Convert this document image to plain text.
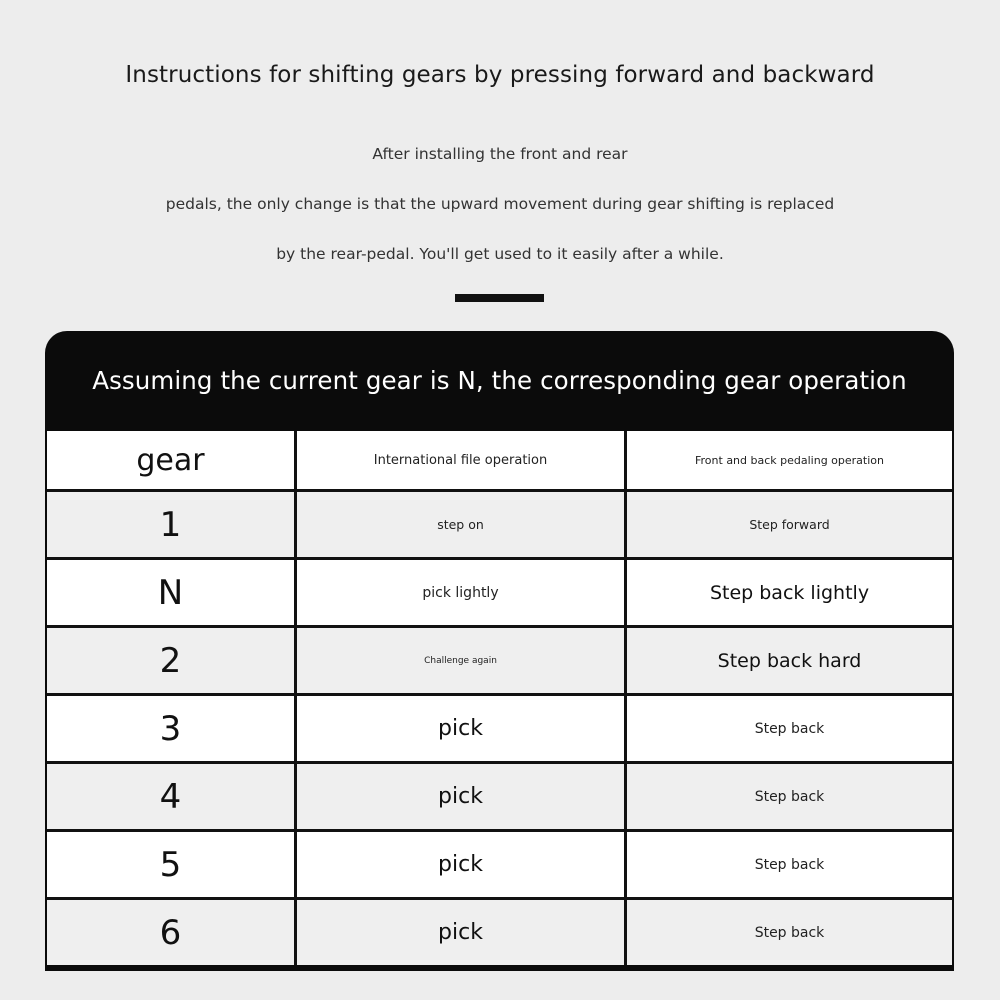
Instructions for shifting gears by pressing forward and backward
After installing the front and rear
pedals, the only change is that the upward movement during gear shifting is replaced
by the rear-pedal. You'll get used to it easily after a while.
Assuming the current gear is N, the corresponding gear operation
gear	International file operation	Front and back pedaling operation
1	step on	Step forward
N	pick lightly	Step back lightly
2	Challenge again	Step back hard
3	pick	Step back
4	pick	Step back
5	pick	Step back
6	pick	Step back
